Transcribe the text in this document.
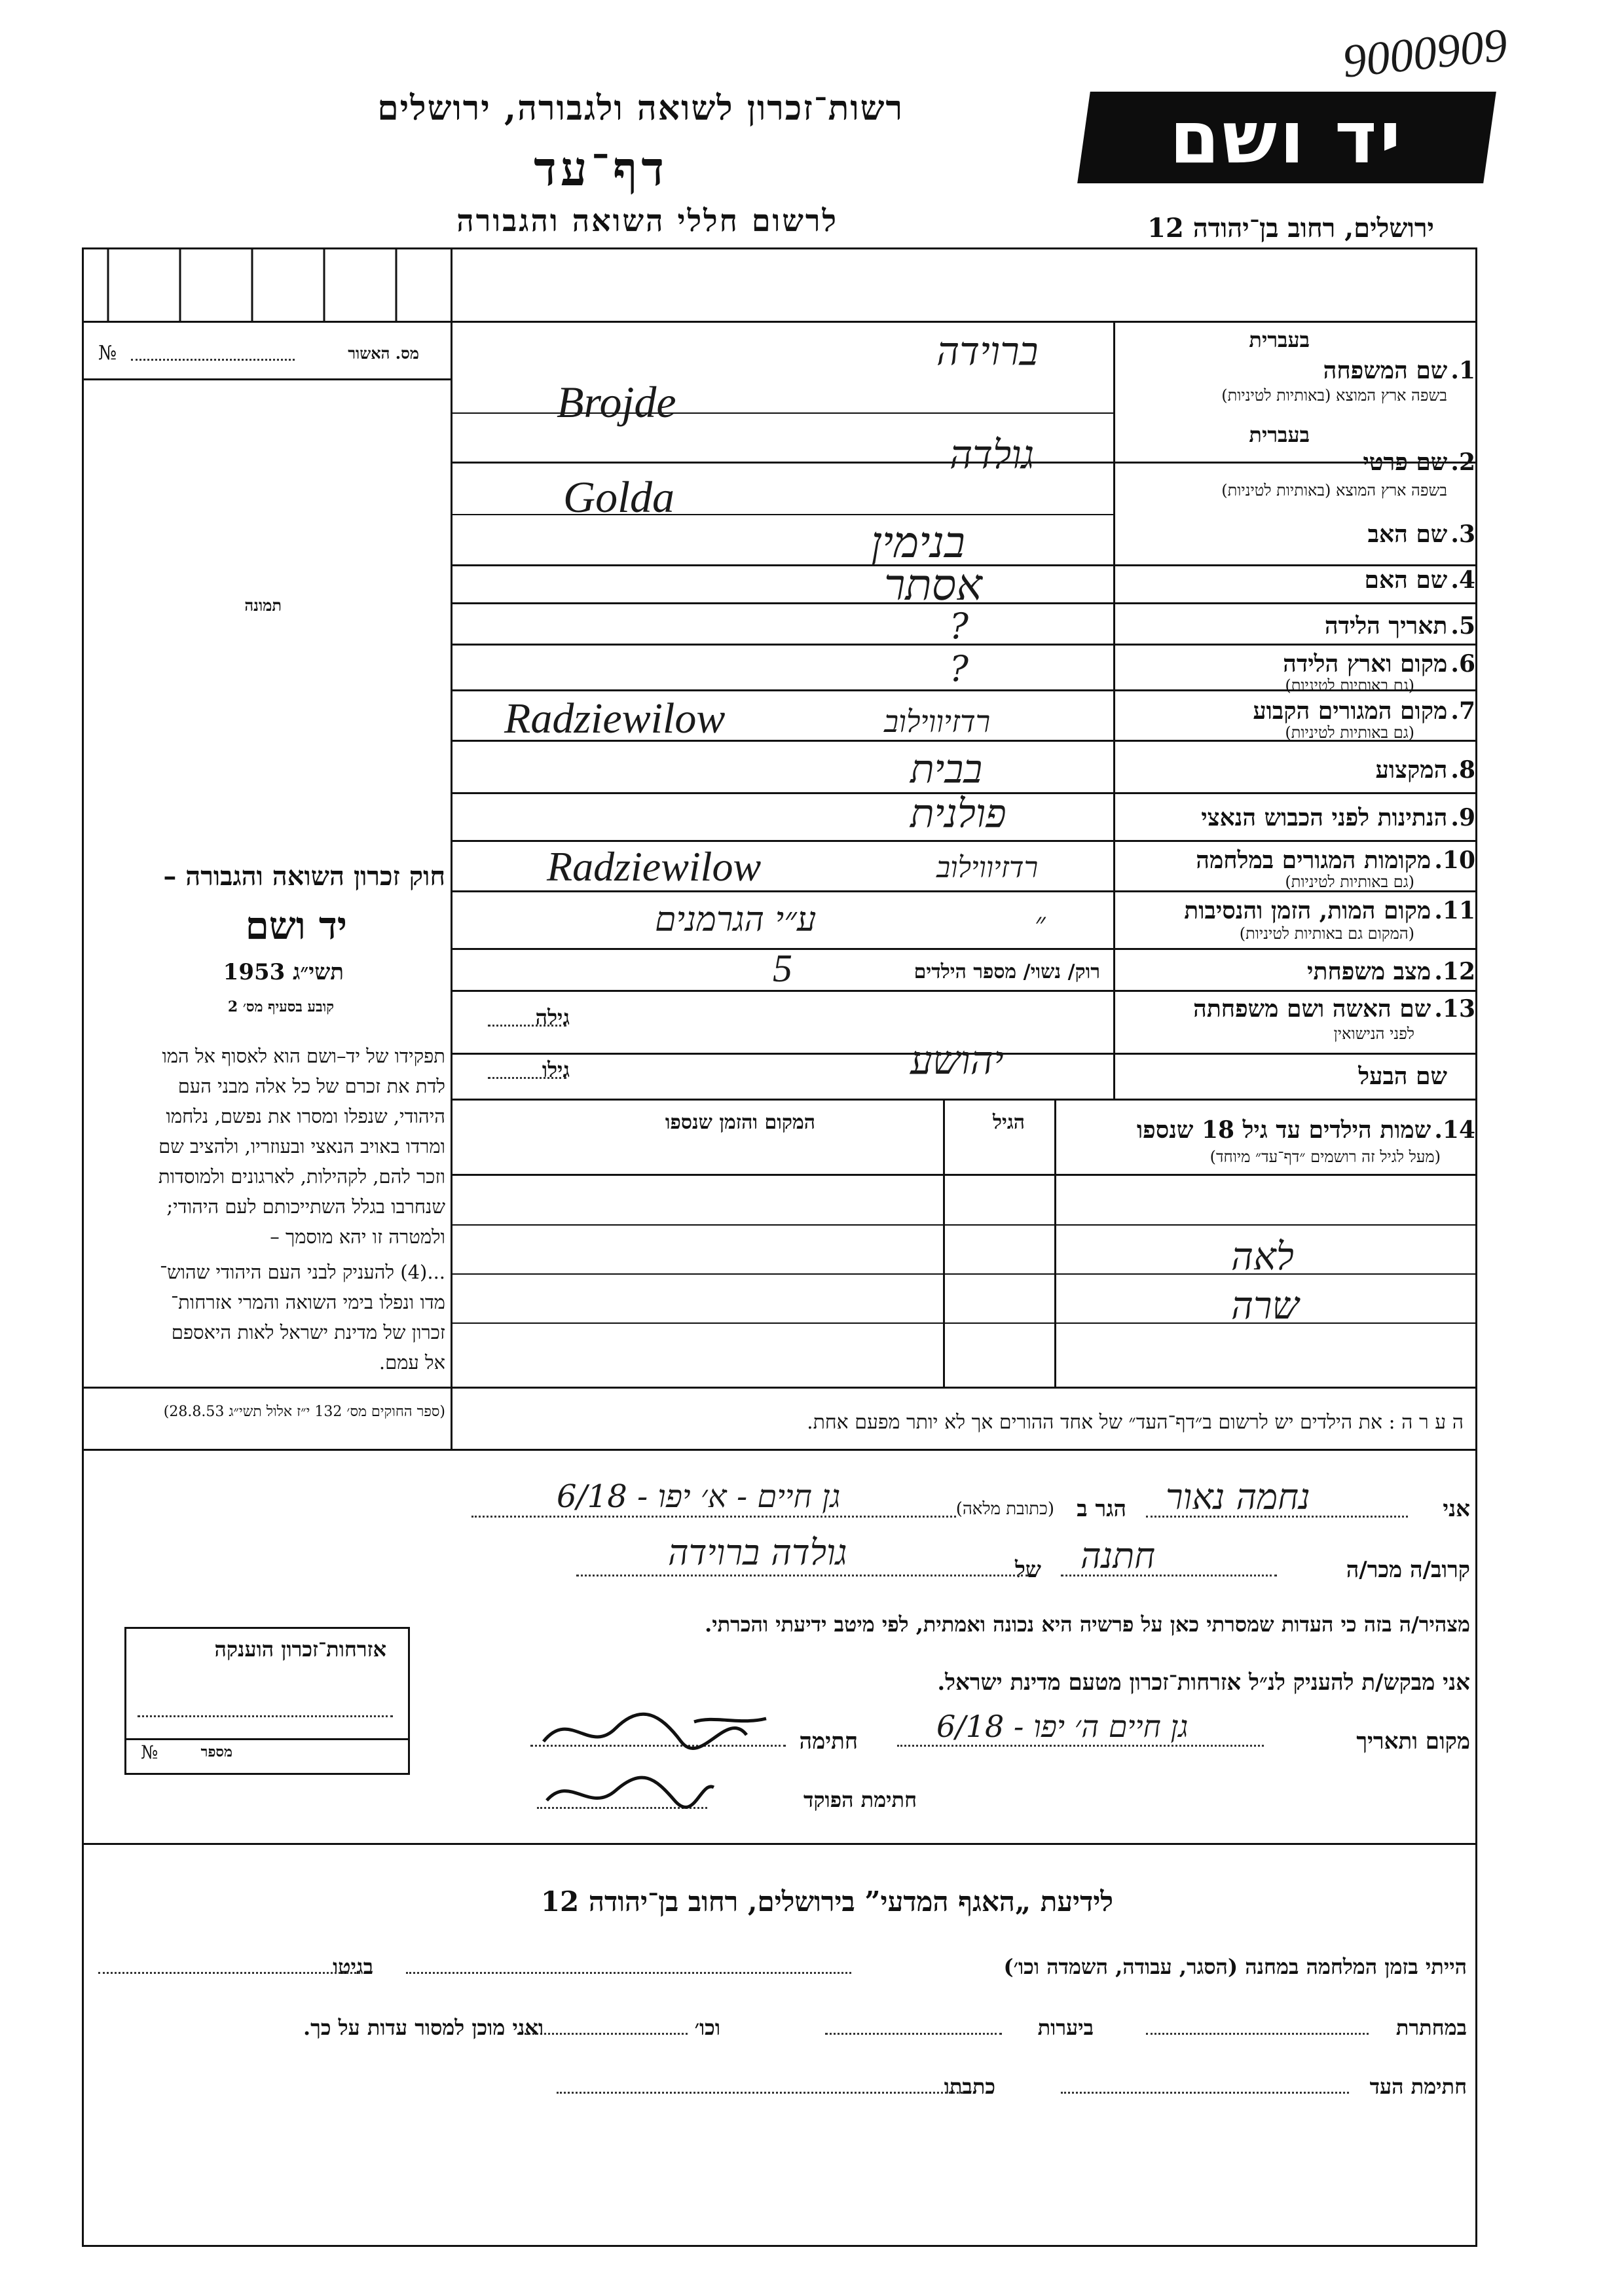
9000909
רשות־זכרון לשואה ולגבורה, ירושלים
דף־עד
לרשום חללי השואה והגבורה
יד ושם
ירושלים, רחוב בן־יהודה 12
מס. האשור
№
תמונה
חוק זכרון השואה והגבורה –
יד ושם
תשי״ג 1953
קובע בסעיף מס׳ 2
תפקידו של יד–ושם הוא לאסוף אל המו
לדת את זכרם של כל אלה מבני העם
היהודי, שנפלו ומסרו את נפשם, נלחמו
ומרדו באויב הנאצי ובעוזריו, ולהציב שם
וזכר להם, לקהילות, לארגונים ולמוסדות
שנחרבו בגלל השתייכותם לעם היהודי;
ולמטרה זו יהא מוסמך –
...(4) להעניק לבני העם היהודי שהוש־
מדו ונפלו בימי השואה והמרי אזרחות־
זכרון של מדינת ישראל לאות היאספם
אל עמם.
(ספר החוקים מס׳ 132 י״ז אלול תשי״ג 28.8.53)
אזרחות־זכרון הוענקה
מספר
№
בעברית
1. שם המשפחה
בשפה ארץ המוצא (באותיות לטיניות)
ברוידה
Brojde
בעברית
2. שם פרטי
בשפה ארץ המוצא (באותיות לטיניות)
גולדה
Golda
3. שם האב
בנימין
4. שם האם
אסתר
5. תאריך הלידה
?
6. מקום וארץ הלידה
(גם באותיות לטיניות)
?
7. מקום המגורים הקבוע
(גם באותיות לטיניות)
רדזיווילוב
Radziewilow
8. המקצוע
בבית
9. הנתינות לפני הכבוש הנאצי
פולנית
10. מקומות המגורים במלחמה
(גם באותיות לטיניות)
רדזיווילוב
Radziewilow
11. מקום המות, הזמן והנסיבות
(המקום גם באותיות לטיניות)
ע״י הגרמנים	״
12. מצב משפחתי
רוק/ נשוי/ מספר הילדים
5
13. שם האשה ושם משפחתה
לפני הנישואין
גילה
שם הבעל
גילו	יהושע
14. שמות הילדים עד גיל 18 שנספו
(מעל לגיל זה רושמים ״דף־עד״ מיוחד)
הגיל
המקום והזמן שנספו
לאה
שרה
ה ע ר ה : את הילדים יש לרשום ב״דף־העד״ של אחד ההורים אך לא יותר מפעם אחת.
אני
נחמה נאור
הגר ב
(כתובת מלאה)
גן חיים - א׳ יפו - 6/18
קרוב/ה מכר/ה
חתנה
של
גולדה ברוידה
מצהיר/ה בזה כי העדות שמסרתי כאן על פרשיה היא נכונה ואמתית, לפי מיטב ידיעתי והכרתי.
אני מבקש/ת להעניק לנ״ל אזרחות־זכרון מטעם מדינת ישראל.
מקום ותאריך
גן חיים ה׳ יפו - 6/18
חתימה
חתימת הפוקד
לידיעת „האגף המדעי” בירושלים, רחוב בן־יהודה 12
הייתי בזמן המלחמה במחנה (הסגר, עבודה, השמדה וכו׳)
בגיטו
במחתרת
ביערות
וכו׳
ואני מוכן למסור עדות על כך.
חתימת העד
כתבתו
